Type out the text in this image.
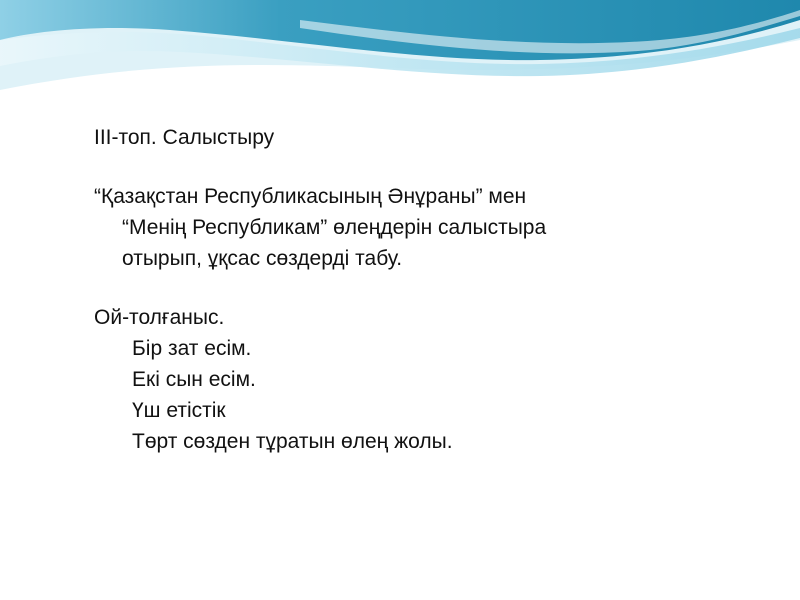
III-топ. Салыстыру
“Қазақстан Республикасының Әнұраны” мен
“Менің Республикам” өлеңдерін салыстыра
отырып, ұқсас сөздерді табу.
Ой-толғаныс.
Бір зат есім.
Екі сын есім.
Үш етістік
Төрт сөзден тұратын өлең жолы.
